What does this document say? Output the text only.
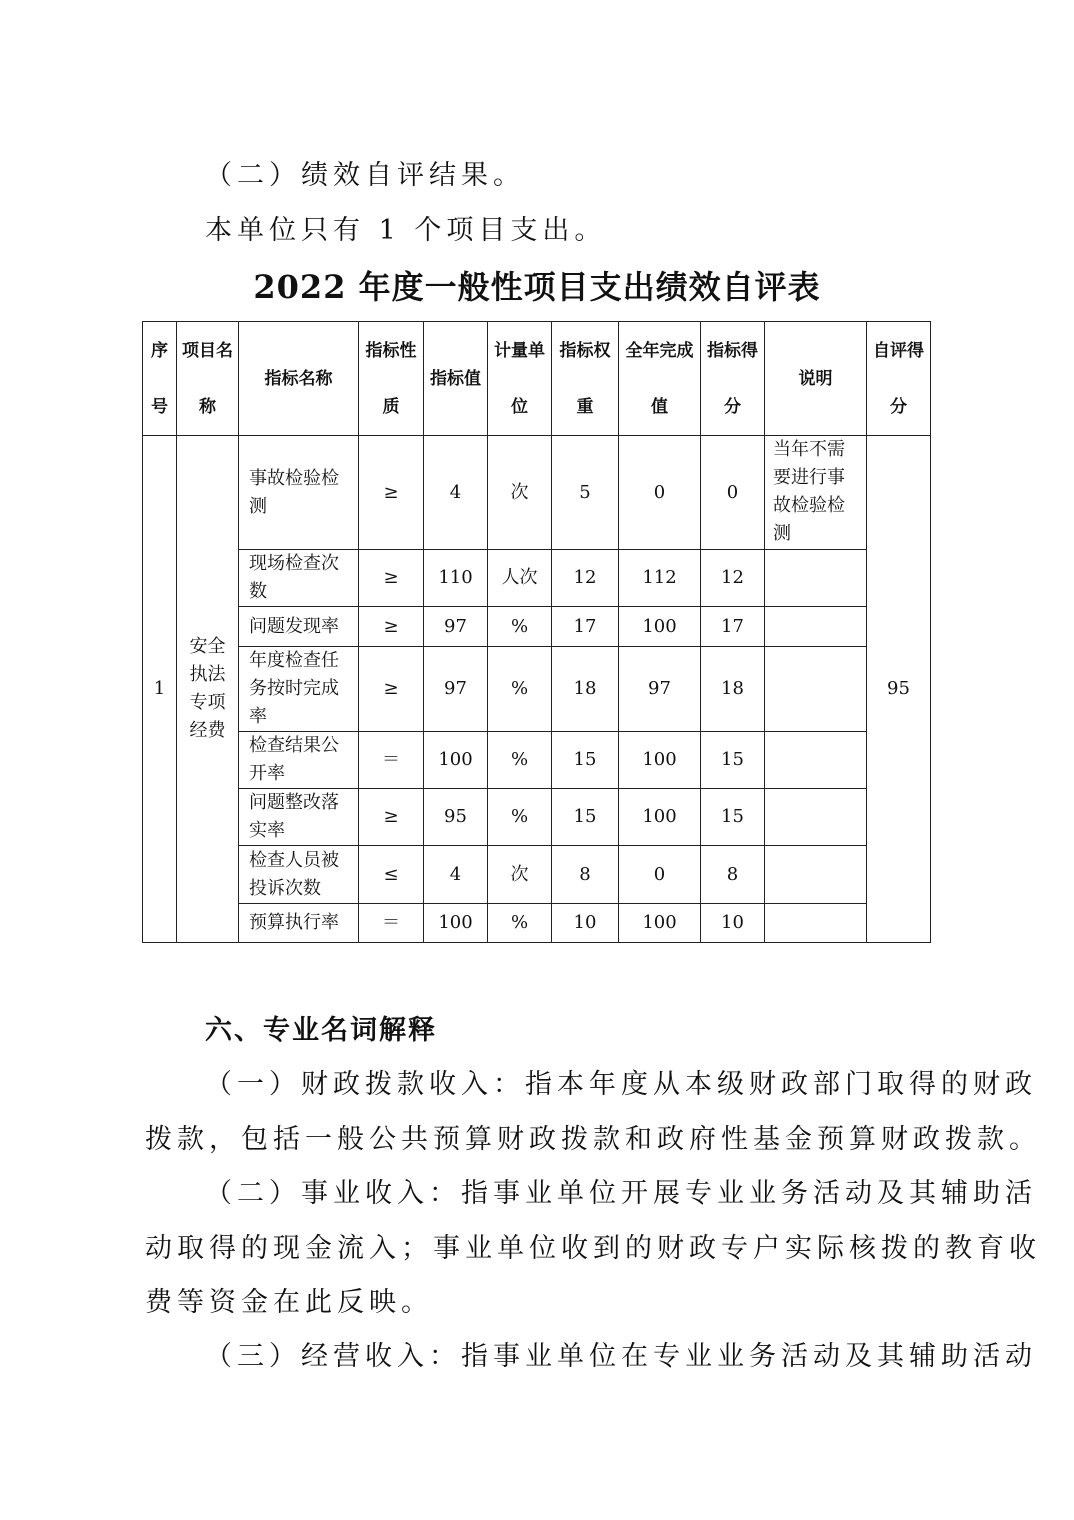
（二）绩效自评结果。
本单位只有 1 个项目支出。
2022 年度一般性项目支出绩效自评表
序号	项目名称	指标名称	指标性质	指标值	计量单位	指标权重	全年完成值	指标得分	说明	自评得分
1	安全执法专项经费	事故检验检测	≥	4	次	5	0	0	当年不需要进行事故检验检测	95
		现场检查次数	≥	110	人次	12	112	12		
		问题发现率	≥	97	%	17	100	17		
		年度检查任务按时完成率	≥	97	%	18	97	18		
		检查结果公开率	＝	100	%	15	100	15		
		问题整改落实率	≥	95	%	15	100	15		
		检查人员被投诉次数	≤	4	次	8	0	8		
		预算执行率	＝	100	%	10	100	10		
六、专业名词解释
（一）财政拨款收入：指本年度从本级财政部门取得的财政
拨款，包括一般公共预算财政拨款和政府性基金预算财政拨款。
（二）事业收入：指事业单位开展专业业务活动及其辅助活
动取得的现金流入；事业单位收到的财政专户实际核拨的教育收
费等资金在此反映。
（三）经营收入：指事业单位在专业业务活动及其辅助活动
